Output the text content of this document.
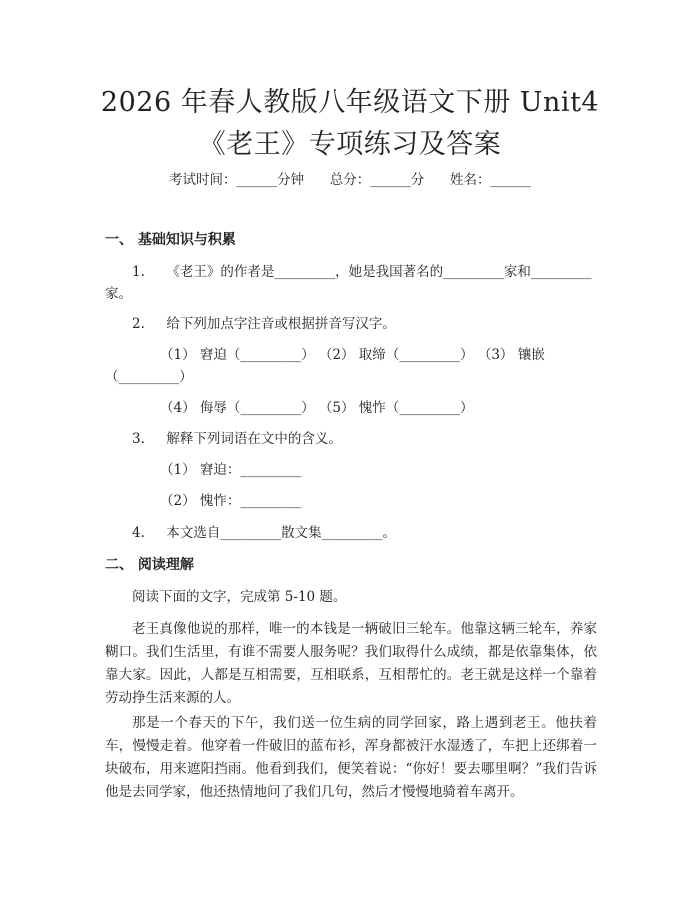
2026 年春人教版八年级语文下册 Unit4《老王》专项练习及答案
考试时间：______分钟      总分：______分      姓名：______
一、 基础知识与积累
1.     《老王》的作者是_________，她是我国著名的_________家和_________
家。
2.     给下列加点字注音或根据拼音写汉字。
（1） 窘迫（_________） （2） 取缔（_________） （3） 镶嵌
（_________）
（4） 侮辱（_________） （5） 愧怍（_________）
3.     解释下列词语在文中的含义。
（1） 窘迫：_________
（2） 愧怍：_________
4.     本文选自_________散文集_________。
二、 阅读理解
阅读下面的文字，完成第 5-10 题。
老王真像他说的那样，唯一的本钱是一辆破旧三轮车。他靠这辆三轮车，养家糊口。我们生活里，有谁不需要人服务呢？我们取得什么成绩，都是依靠集体，依靠大家。因此，人都是互相需要，互相联系，互相帮忙的。老王就是这样一个靠着劳动挣生活来源的人。
那是一个春天的下午，我们送一位生病的同学回家，路上遇到老王。他扶着车，慢慢走着。他穿着一件破旧的蓝布衫，浑身都被汗水湿透了，车把上还绑着一块破布，用来遮阳挡雨。他看到我们，便笑着说：“你好！要去哪里啊？”我们告诉他是去同学家，他还热情地问了我们几句，然后才慢慢地骑着车离开。
